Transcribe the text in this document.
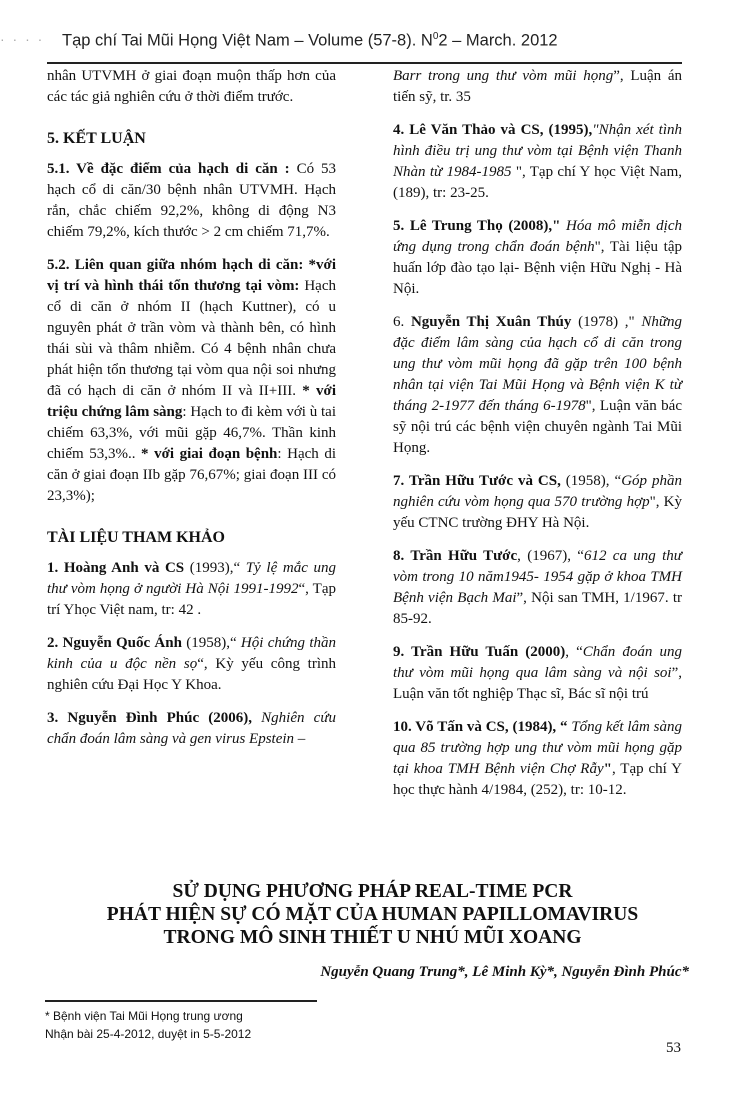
· · · · Tạp chí Tai Mũi Họng Việt Nam – Volume (57-8). $N^02$ – March. 2012

nhân UTVMH ở giai đoạn muộn thấp hơn của các tác giả nghiên cứu ở thời điểm trước.

5. KẾT LUẬN

5.1. Về đặc điểm của hạch di căn : Có 53 hạch cổ di căn/30 bệnh nhân UTVMH. Hạch rắn, chắc chiếm 92,2%, không di động N3 chiếm 79,2%, kích thước > 2 cm chiếm 71,7%.

5.2. Liên quan giữa nhóm hạch di căn: *với vị trí và hình thái tổn thương tại vòm: Hạch cổ di căn ở nhóm II (hạch Kuttner), có u nguyên phát ở trần vòm và thành bên, có hình thái sùi và thâm nhiễm. Có 4 bệnh nhân chưa phát hiện tổn thương tại vòm qua nội soi nhưng đã có hạch di căn ở nhóm II và II+III. * với triệu chứng lâm sàng: Hạch to đi kèm với ù tai chiếm 63,3%, với mũi gặp 46,7%. Thần kinh chiếm 53,3%.. * với giai đoạn bệnh: Hạch di căn ở giai đoạn IIb gặp 76,67%; giai đoạn III có 23,3%);

TÀI LIỆU THAM KHẢO

1. Hoàng Anh và CS (1993),“ Tỷ lệ mắc ung thư vòm họng ở người Hà Nội 1991-1992“, Tạp trí Yhọc Việt nam, tr: 42 .

2. Nguyễn Quốc Ánh (1958),“ Hội chứng thần kinh của u độc nền sọ“, Kỳ yếu công trình nghiên cứu Đại Học Y Khoa.

3. Nguyễn Đình Phúc (2006), Nghiên cứu chẩn đoán lâm sàng và gen virus Epstein –

Barr trong ung thư vòm mũi họng”, Luận án tiến sỹ, tr. 35

4. Lê Văn Thảo và CS, (1995),"Nhận xét tình hình điều trị ung thư vòm tại Bệnh viện Thanh Nhàn từ 1984-1985 ", Tạp chí Y học Việt Nam, (189), tr: 23-25.

5. Lê Trung Thọ (2008)," Hóa mô miễn dịch ứng dụng trong chẩn đoán bệnh", Tài liệu tập huấn lớp đào tạo lại- Bệnh viện Hữu Nghị - Hà Nội.

6. Nguyễn Thị Xuân Thúy (1978) ," Những đặc điểm lâm sàng của hạch cổ di căn trong ung thư vòm mũi họng đã gặp trên 100 bệnh nhân tại viện Tai Mũi Họng và Bệnh viện K từ tháng 2-1977 đến tháng 6-1978", Luận văn bác sỹ nội trú các bệnh viện chuyên ngành Tai Mũi Họng.

7. Trần Hữu Tước và CS, (1958), “Góp phần nghiên cứu vòm họng qua 570 trường hợp", Kỳ yếu CTNC trường ĐHY Hà Nội.

8. Trần Hữu Tước, (1967), “612 ca ung thư vòm trong 10 năm1945- 1954 gặp ở khoa TMH Bệnh viện Bạch Mai”, Nội san TMH, 1/1967. tr 85-92.

9. Trần Hữu Tuấn (2000), “Chẩn đoán ung thư vòm mũi họng qua lâm sàng và nội soi”, Luận văn tốt nghiệp Thạc sĩ, Bác sĩ nội trú

10. Võ Tấn và CS, (1984), “ Tổng kết lâm sàng qua 85 trường hợp ung thư vòm mũi họng gặp tại khoa TMH Bệnh viện Chợ Rẫy", Tạp chí Y học thực hành 4/1984, (252), tr: 10-12.

SỬ DỤNG PHƯƠNG PHÁP REAL-TIME PCR
PHÁT HIỆN SỰ CÓ MẶT CỦA HUMAN PAPILLOMAVIRUS
TRONG MÔ SINH THIẾT U NHÚ MŨI XOANG
Nguyễn Quang Trung*, Lê Minh Kỳ*, Nguyễn Đình Phúc*
* Bệnh viện Tai Mũi Họng trung ương
Nhận bài 25-4-2012, duyệt in 5-5-2012
53
